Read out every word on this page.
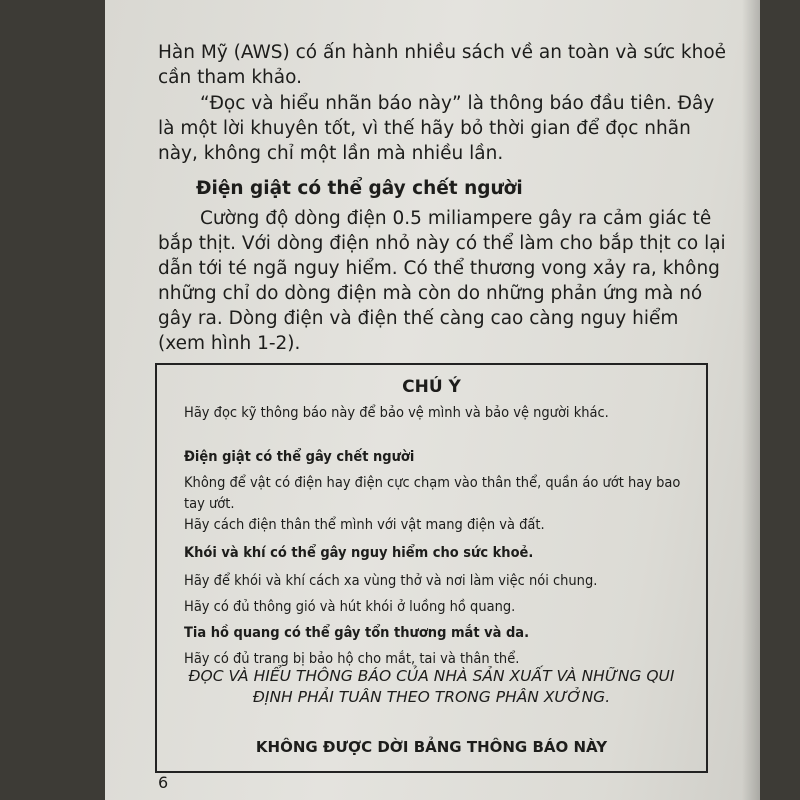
Hàn Mỹ (AWS) có ấn hành nhiều sách về an toàn và sức khoẻ cần tham khảo.

“Đọc và hiểu nhãn báo này” là thông báo đầu tiên. Đây là một lời khuyên tốt, vì thế hãy bỏ thời gian để đọc nhãn này, không chỉ một lần mà nhiều lần.

Điện giật có thể gây chết người

Cường độ dòng điện 0.5 miliampere gây ra cảm giác tê bắp thịt. Với dòng điện nhỏ này có thể làm cho bắp thịt co lại dẫn tới té ngã nguy hiểm. Có thể thương vong xảy ra, không những chỉ do dòng điện mà còn do những phản ứng mà nó gây ra. Dòng điện và điện thế càng cao càng nguy hiểm (xem hình 1-2).

CHÚ Ý

Hãy đọc kỹ thông báo này để bảo vệ mình và bảo vệ người khác.

Điện giật có thể gây chết người

Không để vật có điện hay điện cực chạm vào thân thể, quần áo ướt hay bao tay ướt.

Hãy cách điện thân thể mình với vật mang điện và đất.

Khói và khí có thể gây nguy hiểm cho sức khoẻ.

Hãy để khói và khí cách xa vùng thở và nơi làm việc nói chung.

Hãy có đủ thông gió và hút khói ở luồng hồ quang.

Tia hồ quang có thể gây tổn thương mắt và da.

Hãy có đủ trang bị bảo hộ cho mắt, tai và thân thể.

ĐỌC VÀ HIỂU THÔNG BÁO CỦA NHÀ SẢN XUẤT VÀ NHỮNG QUI ĐỊNH PHẢI TUÂN THEO TRONG PHÂN XƯỞNG.

KHÔNG ĐƯỢC DỜI BẢNG THÔNG BÁO NÀY

6
